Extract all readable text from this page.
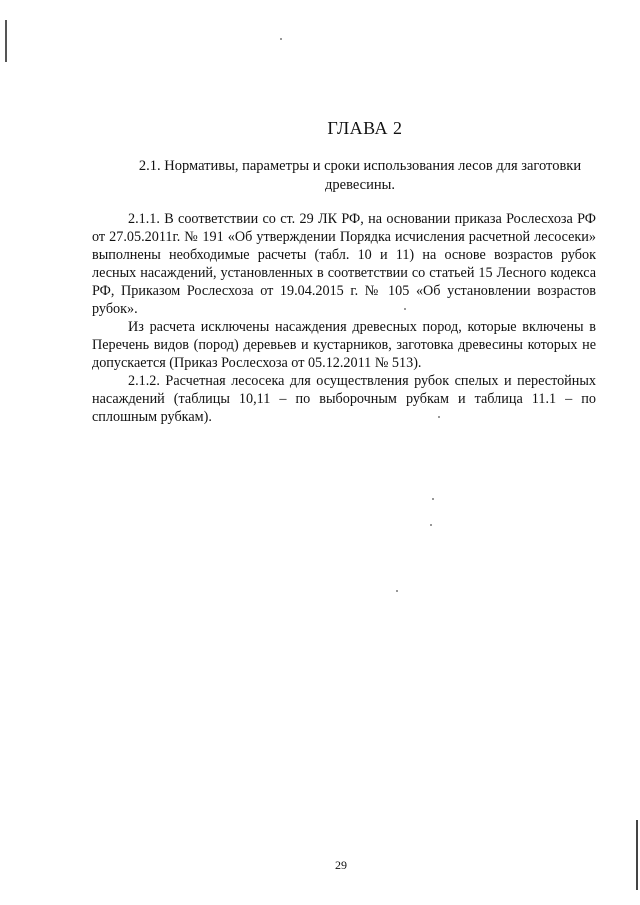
ГЛАВА 2
2.1. Нормативы, параметры и сроки использования лесов для заготовки древесины.

2.1.1. В соответствии со ст. 29 ЛК РФ, на основании приказа Рослесхоза РФ от 27.05.2011г. № 191 «Об утверждении Порядка исчисления расчетной лесосеки» выполнены необходимые расчеты (табл. 10 и 11) на основе возрастов рубок лесных насаждений, установленных в соответствии со статьей 15 Лесного кодекса РФ, Приказом Рослесхоза от 19.04.2015 г. № 105 «Об установлении возрастов рубок».

Из расчета исключены насаждения древесных пород, которые включены в Перечень видов (пород) деревьев и кустарников, заготовка древесины которых не допускается (Приказ Рослесхоза от 05.12.2011 № 513).

2.1.2. Расчетная лесосека для осуществления рубок спелых и перестойных насаждений (таблицы 10,11 – по выборочным рубкам и таблица 11.1 – по сплошным рубкам).

29
